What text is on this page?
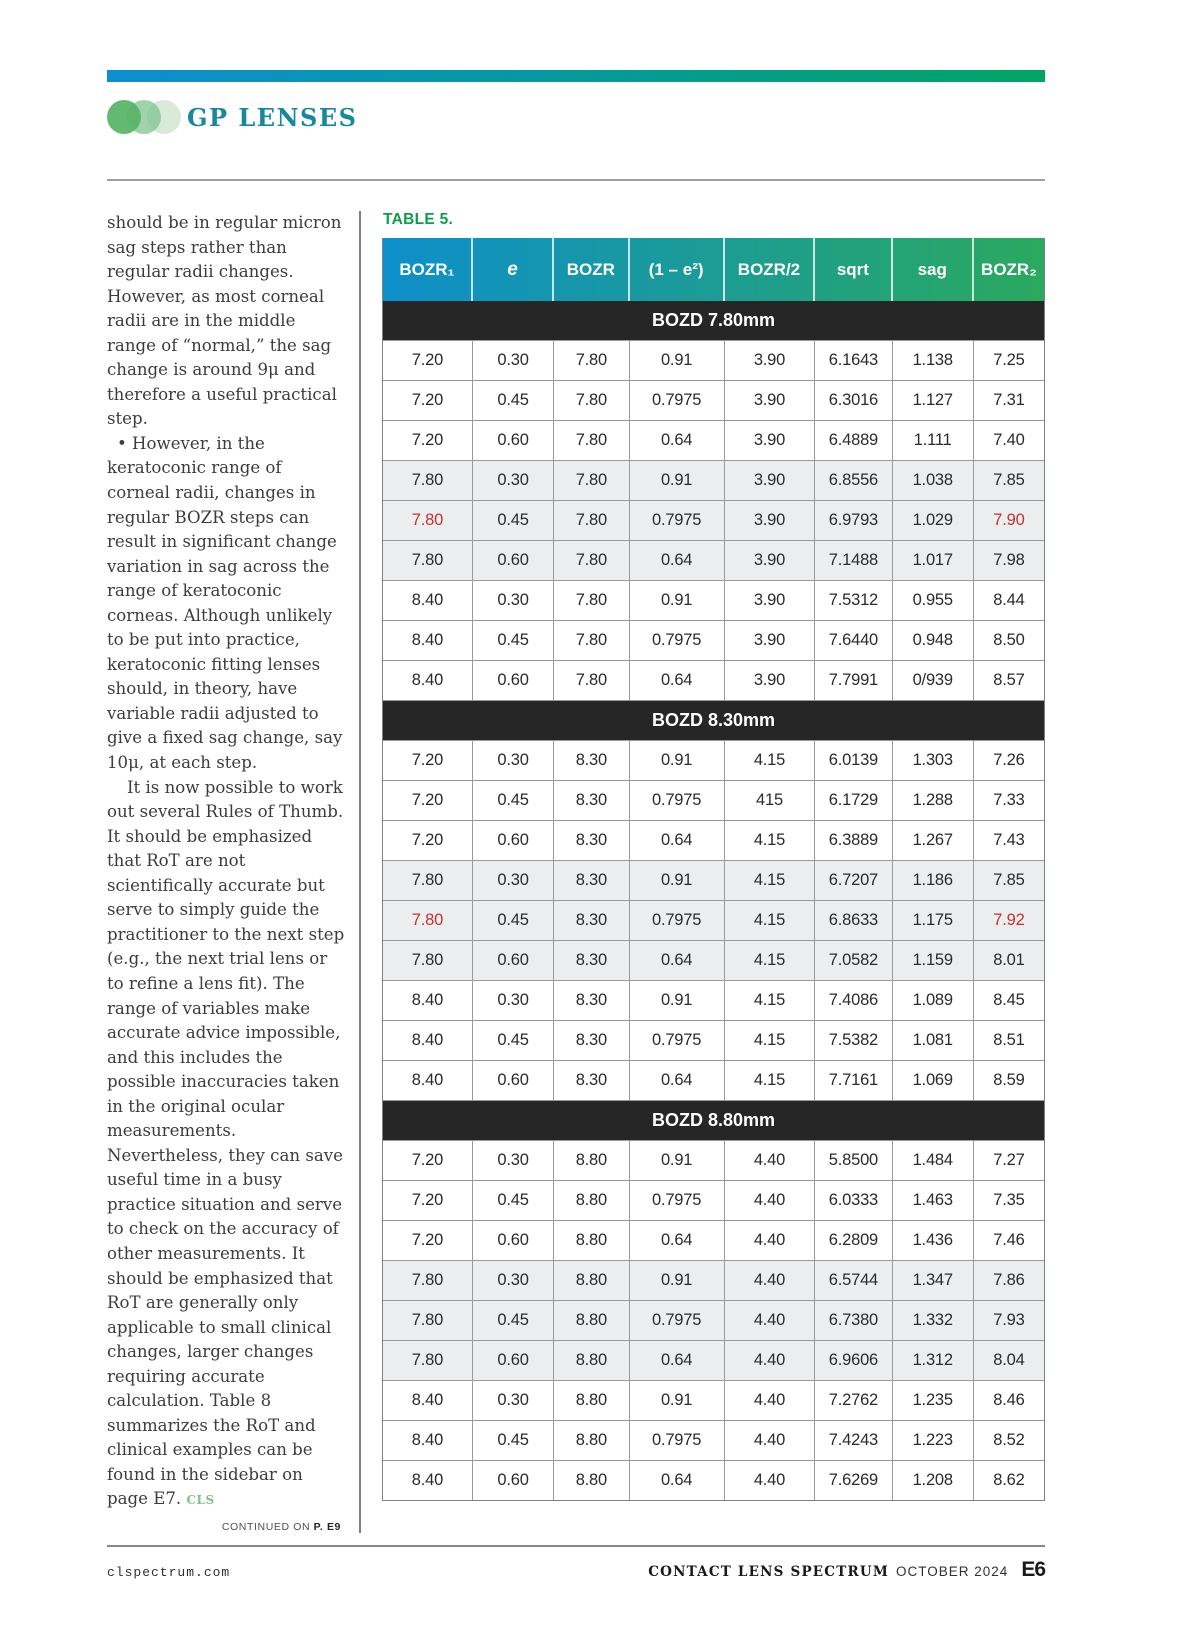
GP LENSES

should be in regular micron sag steps rather than regular radii changes. However, as most corneal radii are in the middle range of “normal,” the sag change is around 9μ and therefore a useful practical step.

• However, in the keratoconic range of corneal radii, changes in regular BOZR steps can result in significant change variation in sag across the range of keratoconic corneas. Although unlikely to be put into practice, keratoconic fitting lenses should, in theory, have variable radii adjusted to give a fixed sag change, say 10μ, at each step.

It is now possible to work out several Rules of Thumb. It should be emphasized that RoT are not scientifically accurate but serve to simply guide the practitioner to the next step (e.g., the next trial lens or to refine a lens fit). The range of variables make accurate advice impossible, and this includes the possible inaccuracies taken in the original ocular measurements. Nevertheless, they can save useful time in a busy practice situation and serve to check on the accuracy of other measurements. It should be emphasized that RoT are generally only applicable to small clinical changes, larger changes requiring accurate calculation. Table 8 summarizes the RoT and clinical examples can be found in the sidebar on page E7. CLS

CONTINUED ON P. E9
TABLE 5.
BOZR₁	e	BOZR	(1 – e²)	BOZR/2	sqrt	sag	BOZR₂
BOZD 7.80mm
7.20	0.30	7.80	0.91	3.90	6.1643	1.138	7.25
7.20	0.45	7.80	0.7975	3.90	6.3016	1.127	7.31
7.20	0.60	7.80	0.64	3.90	6.4889	1.111	7.40
7.80	0.30	7.80	0.91	3.90	6.8556	1.038	7.85
7.80	0.45	7.80	0.7975	3.90	6.9793	1.029	7.90
7.80	0.60	7.80	0.64	3.90	7.1488	1.017	7.98
8.40	0.30	7.80	0.91	3.90	7.5312	0.955	8.44
8.40	0.45	7.80	0.7975	3.90	7.6440	0.948	8.50
8.40	0.60	7.80	0.64	3.90	7.7991	0/939	8.57
BOZD 8.30mm
7.20	0.30	8.30	0.91	4.15	6.0139	1.303	7.26
7.20	0.45	8.30	0.7975	415	6.1729	1.288	7.33
7.20	0.60	8.30	0.64	4.15	6.3889	1.267	7.43
7.80	0.30	8.30	0.91	4.15	6.7207	1.186	7.85
7.80	0.45	8.30	0.7975	4.15	6.8633	1.175	7.92
7.80	0.60	8.30	0.64	4.15	7.0582	1.159	8.01
8.40	0.30	8.30	0.91	4.15	7.4086	1.089	8.45
8.40	0.45	8.30	0.7975	4.15	7.5382	1.081	8.51
8.40	0.60	8.30	0.64	4.15	7.7161	1.069	8.59
BOZD 8.80mm
7.20	0.30	8.80	0.91	4.40	5.8500	1.484	7.27
7.20	0.45	8.80	0.7975	4.40	6.0333	1.463	7.35
7.20	0.60	8.80	0.64	4.40	6.2809	1.436	7.46
7.80	0.30	8.80	0.91	4.40	6.5744	1.347	7.86
7.80	0.45	8.80	0.7975	4.40	6.7380	1.332	7.93
7.80	0.60	8.80	0.64	4.40	6.9606	1.312	8.04
8.40	0.30	8.80	0.91	4.40	7.2762	1.235	8.46
8.40	0.45	8.80	0.7975	4.40	7.4243	1.223	8.52
8.40	0.60	8.80	0.64	4.40	7.6269	1.208	8.62
clspectrum.com	CONTACT LENS SPECTRUM OCTOBER 2024 E6
